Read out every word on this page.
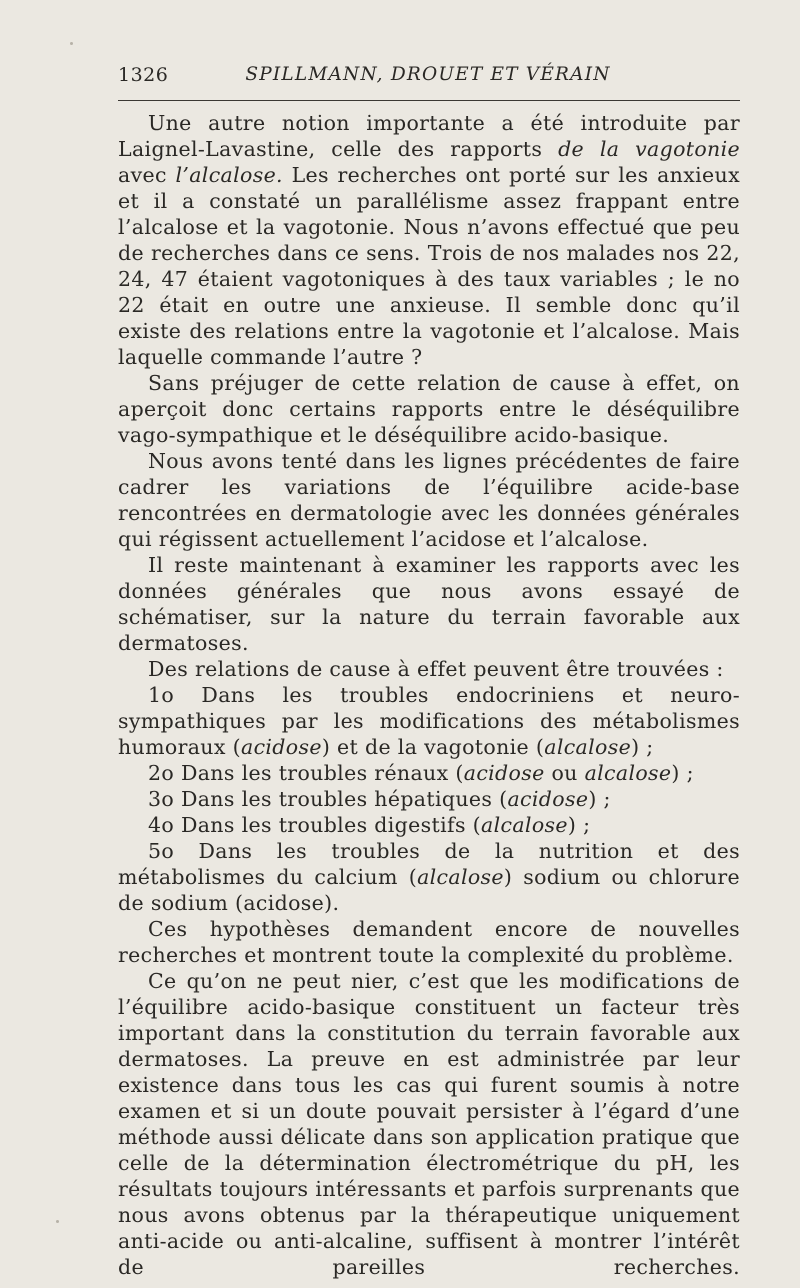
1326	SPILLMANN, DROUET ET VÉRAIN

Une autre notion importante a été introduite par Laignel-Lavastine, celle des rapports de la vagotonie avec l’alcalose. Les recherches ont porté sur les anxieux et il a constaté un parallélisme assez frappant entre l’alcalose et la vagotonie. Nous n’avons effectué que peu de recherches dans ce sens. Trois de nos malades nos 22, 24, 47 étaient vagotoniques à des taux variables ; le no 22 était en outre une anxieuse. Il semble donc qu’il existe des relations entre la vagotonie et l’alcalose. Mais laquelle commande l’autre ?

Sans préjuger de cette relation de cause à effet, on aperçoit donc certains rapports entre le déséquilibre vago-sympathique et le déséquilibre acido-basique.

Nous avons tenté dans les lignes précédentes de faire cadrer les variations de l’équilibre acide-base rencontrées en dermatologie avec les données générales qui régissent actuellement l’acidose et l’alcalose.

Il reste maintenant à examiner les rapports avec les données générales que nous avons essayé de schématiser, sur la nature du terrain favorable aux dermatoses.

Des relations de cause à effet peuvent être trouvées :

1o Dans les troubles endocriniens et neuro-sympathiques par les modifications des métabolismes humoraux (acidose) et de la vagotonie (alcalose) ;

2o Dans les troubles rénaux (acidose ou alcalose) ;

3o Dans les troubles hépatiques (acidose) ;

4o Dans les troubles digestifs (alcalose) ;

5o Dans les troubles de la nutrition et des métabolismes du calcium (alcalose) sodium ou chlorure de sodium (acidose).

Ces hypothèses demandent encore de nouvelles recherches et montrent toute la complexité du problème.

Ce qu’on ne peut nier, c’est que les modifications de l’équilibre acido-basique constituent un facteur très important dans la constitution du terrain favorable aux dermatoses. La preuve en est administrée par leur existence dans tous les cas qui furent soumis à notre examen et si un doute pouvait persister à l’égard d’une méthode aussi délicate dans son application pratique que celle de la détermination électrométrique du pH, les résultats toujours intéressants et parfois surprenants que nous avons obtenus par la thérapeutique uniquement anti-acide ou anti-alcaline, suffisent à montrer l’intérêt de pareilles recherches.
